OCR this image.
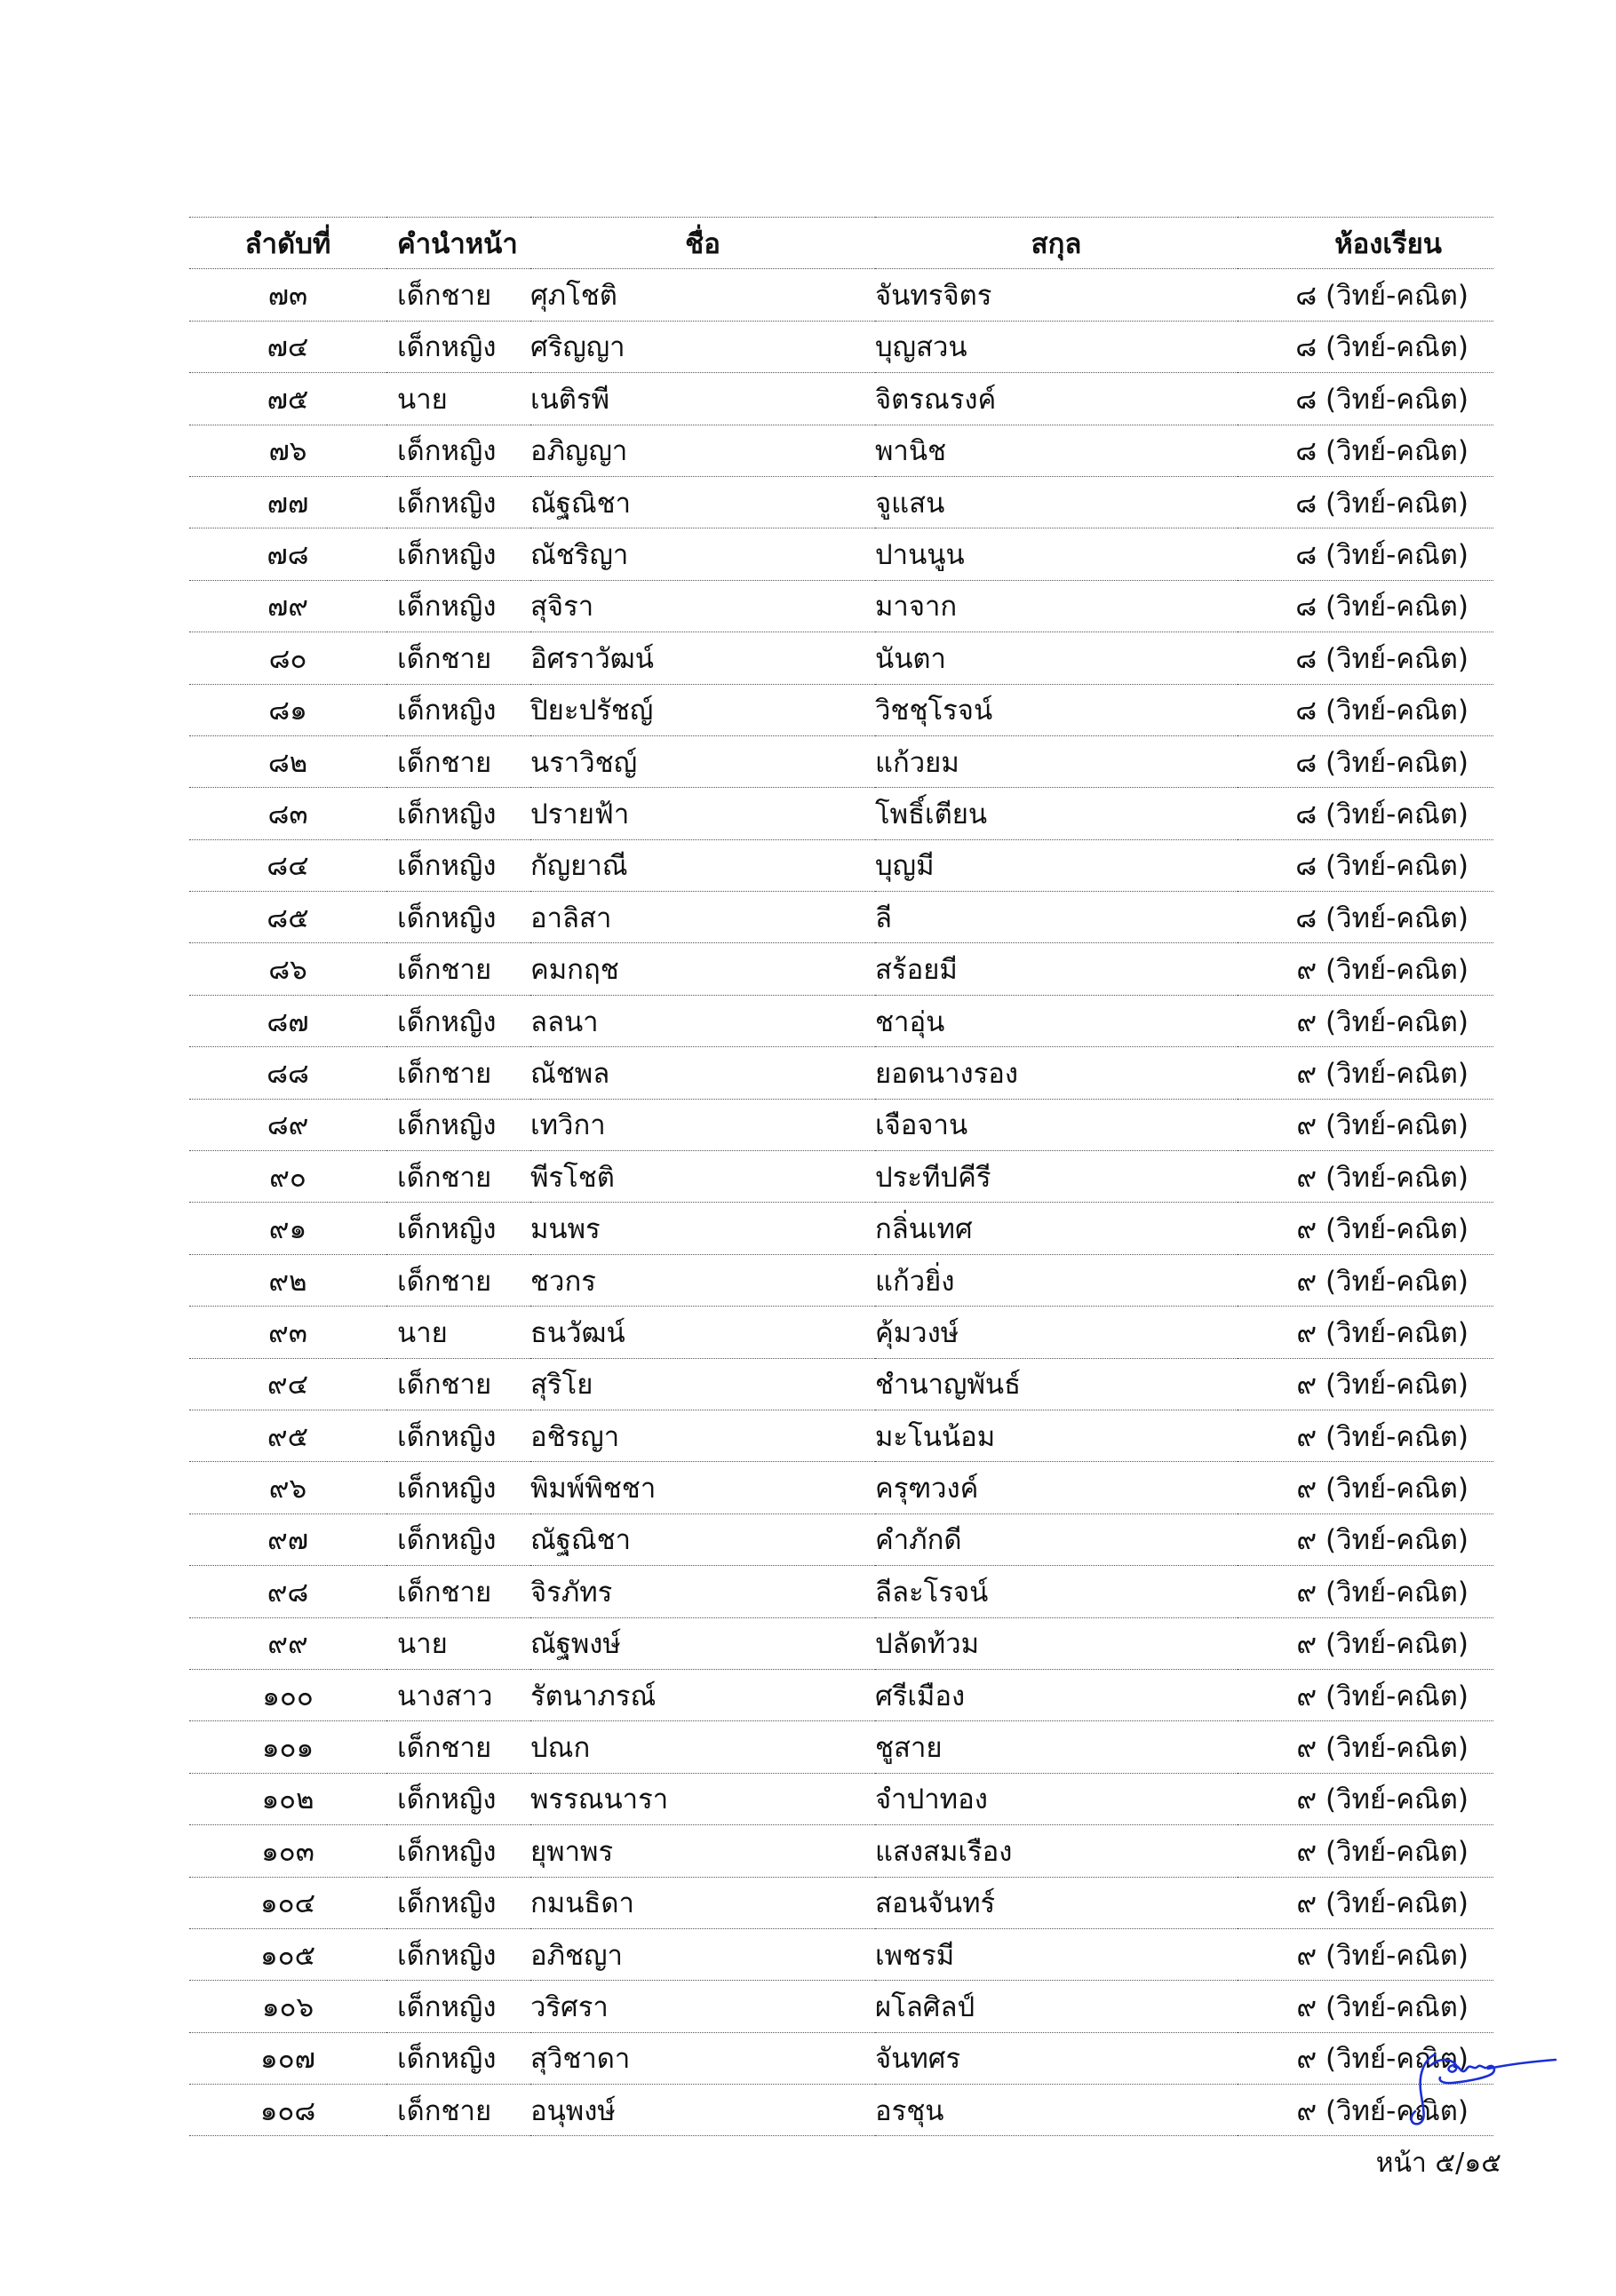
ลำดับที่	คำนำหน้า	ชื่อ	สกุล	ห้องเรียน
๗๓	เด็กชาย	ศุภโชติ	จันทรจิตร	๘ (วิทย์-คณิต)
๗๔	เด็กหญิง	ศริญญา	บุญสวน	๘ (วิทย์-คณิต)
๗๕	นาย	เนติรพี	จิตรณรงค์	๘ (วิทย์-คณิต)
๗๖	เด็กหญิง	อภิญญา	พานิช	๘ (วิทย์-คณิต)
๗๗	เด็กหญิง	ณัฐณิชา	จูแสน	๘ (วิทย์-คณิต)
๗๘	เด็กหญิง	ณัชริญา	ปานนูน	๘ (วิทย์-คณิต)
๗๙	เด็กหญิง	สุจิรา	มาจาก	๘ (วิทย์-คณิต)
๘๐	เด็กชาย	อิศราวัฒน์	นันตา	๘ (วิทย์-คณิต)
๘๑	เด็กหญิง	ปิยะปรัชญ์	วิชชุโรจน์	๘ (วิทย์-คณิต)
๘๒	เด็กชาย	นราวิชญ์	แก้วยม	๘ (วิทย์-คณิต)
๘๓	เด็กหญิง	ปรายฟ้า	โพธิ์เตียน	๘ (วิทย์-คณิต)
๘๔	เด็กหญิง	กัญยาณี	บุญมี	๘ (วิทย์-คณิต)
๘๕	เด็กหญิง	อาลิสา	ลี	๘ (วิทย์-คณิต)
๘๖	เด็กชาย	คมกฤช	สร้อยมี	๙ (วิทย์-คณิต)
๘๗	เด็กหญิง	ลลนา	ชาอุ่น	๙ (วิทย์-คณิต)
๘๘	เด็กชาย	ณัชพล	ยอดนางรอง	๙ (วิทย์-คณิต)
๘๙	เด็กหญิง	เทวิกา	เจือจาน	๙ (วิทย์-คณิต)
๙๐	เด็กชาย	พีรโชติ	ประทีปคีรี	๙ (วิทย์-คณิต)
๙๑	เด็กหญิง	มนพร	กลิ่นเทศ	๙ (วิทย์-คณิต)
๙๒	เด็กชาย	ชวกร	แก้วยิ่ง	๙ (วิทย์-คณิต)
๙๓	นาย	ธนวัฒน์	คุ้มวงษ์	๙ (วิทย์-คณิต)
๙๔	เด็กชาย	สุริโย	ชำนาญพันธ์	๙ (วิทย์-คณิต)
๙๕	เด็กหญิง	อชิรญา	มะโนน้อม	๙ (วิทย์-คณิต)
๙๖	เด็กหญิง	พิมพ์พิชชา	ครุฑวงค์	๙ (วิทย์-คณิต)
๙๗	เด็กหญิง	ณัฐณิชา	คำภักดี	๙ (วิทย์-คณิต)
๙๘	เด็กชาย	จิรภัทร	ลีละโรจน์	๙ (วิทย์-คณิต)
๙๙	นาย	ณัฐพงษ์	ปลัดท้วม	๙ (วิทย์-คณิต)
๑๐๐	นางสาว	รัตนาภรณ์	ศรีเมือง	๙ (วิทย์-คณิต)
๑๐๑	เด็กชาย	ปณก	ชูสาย	๙ (วิทย์-คณิต)
๑๐๒	เด็กหญิง	พรรณนารา	จำปาทอง	๙ (วิทย์-คณิต)
๑๐๓	เด็กหญิง	ยุพาพร	แสงสมเรือง	๙ (วิทย์-คณิต)
๑๐๔	เด็กหญิง	กมนธิดา	สอนจันทร์	๙ (วิทย์-คณิต)
๑๐๕	เด็กหญิง	อภิชญา	เพชรมี	๙ (วิทย์-คณิต)
๑๐๖	เด็กหญิง	วริศรา	ผโลศิลป์	๙ (วิทย์-คณิต)
๑๐๗	เด็กหญิง	สุวิชาดา	จันทศร	๙ (วิทย์-คณิต)
๑๐๘	เด็กชาย	อนุพงษ์	อรชุน	๙ (วิทย์-คณิต)
หน้า ๕/๑๕
